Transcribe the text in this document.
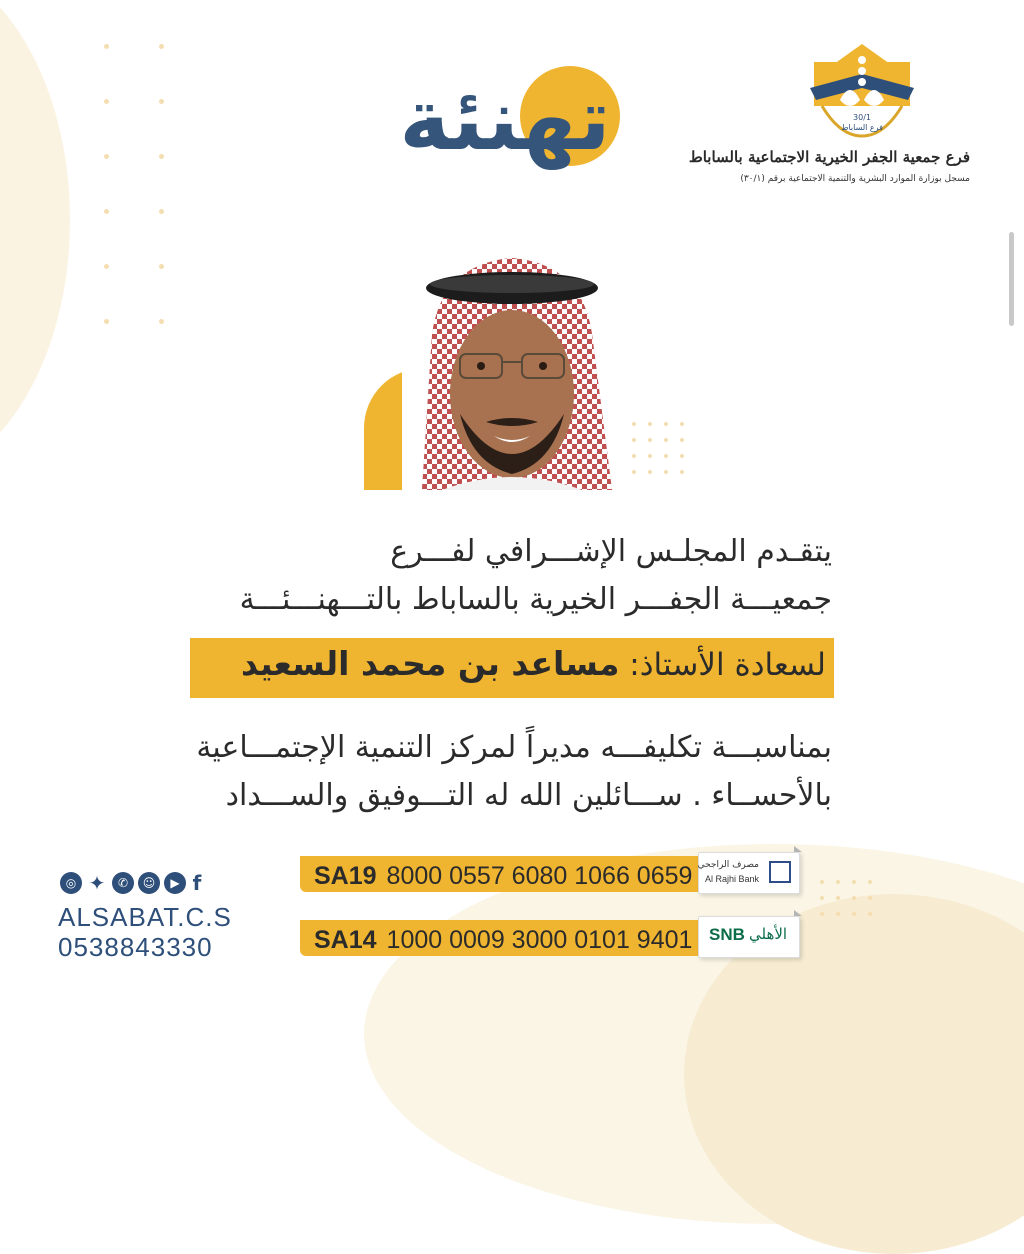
تهنئة	30/1
فرع الساباط
فرع جمعية الجفر الخيرية الاجتماعية بالساباط
مسجل بوزارة الموارد البشرية والتنمية الاجتماعية برقم (٣٠/١)
يتقـدم المجلـس الإشـــرافي لفـــرع
جمعيـــة الجفـــر الخيرية بالساباط بالتـــهنـــئـــة
لسعادة الأستاذ: مساعد بن محمد السعيد
بمناسبـــة تكليفـــه مديراً لمركز التنمية الإجتمـــاعية
بالأحســاء . ســـائلين الله له التـــوفيق والســـداد
SA19 8000 0557 6080 1066 0659 مصرف الراجحي
Al Rajhi Bank
SA14 1000 0009 3000 0101 9401 SNB الأهلي
◎ ✦	✆	☺	▶ f
ALSABAT.C.S
0538843330
